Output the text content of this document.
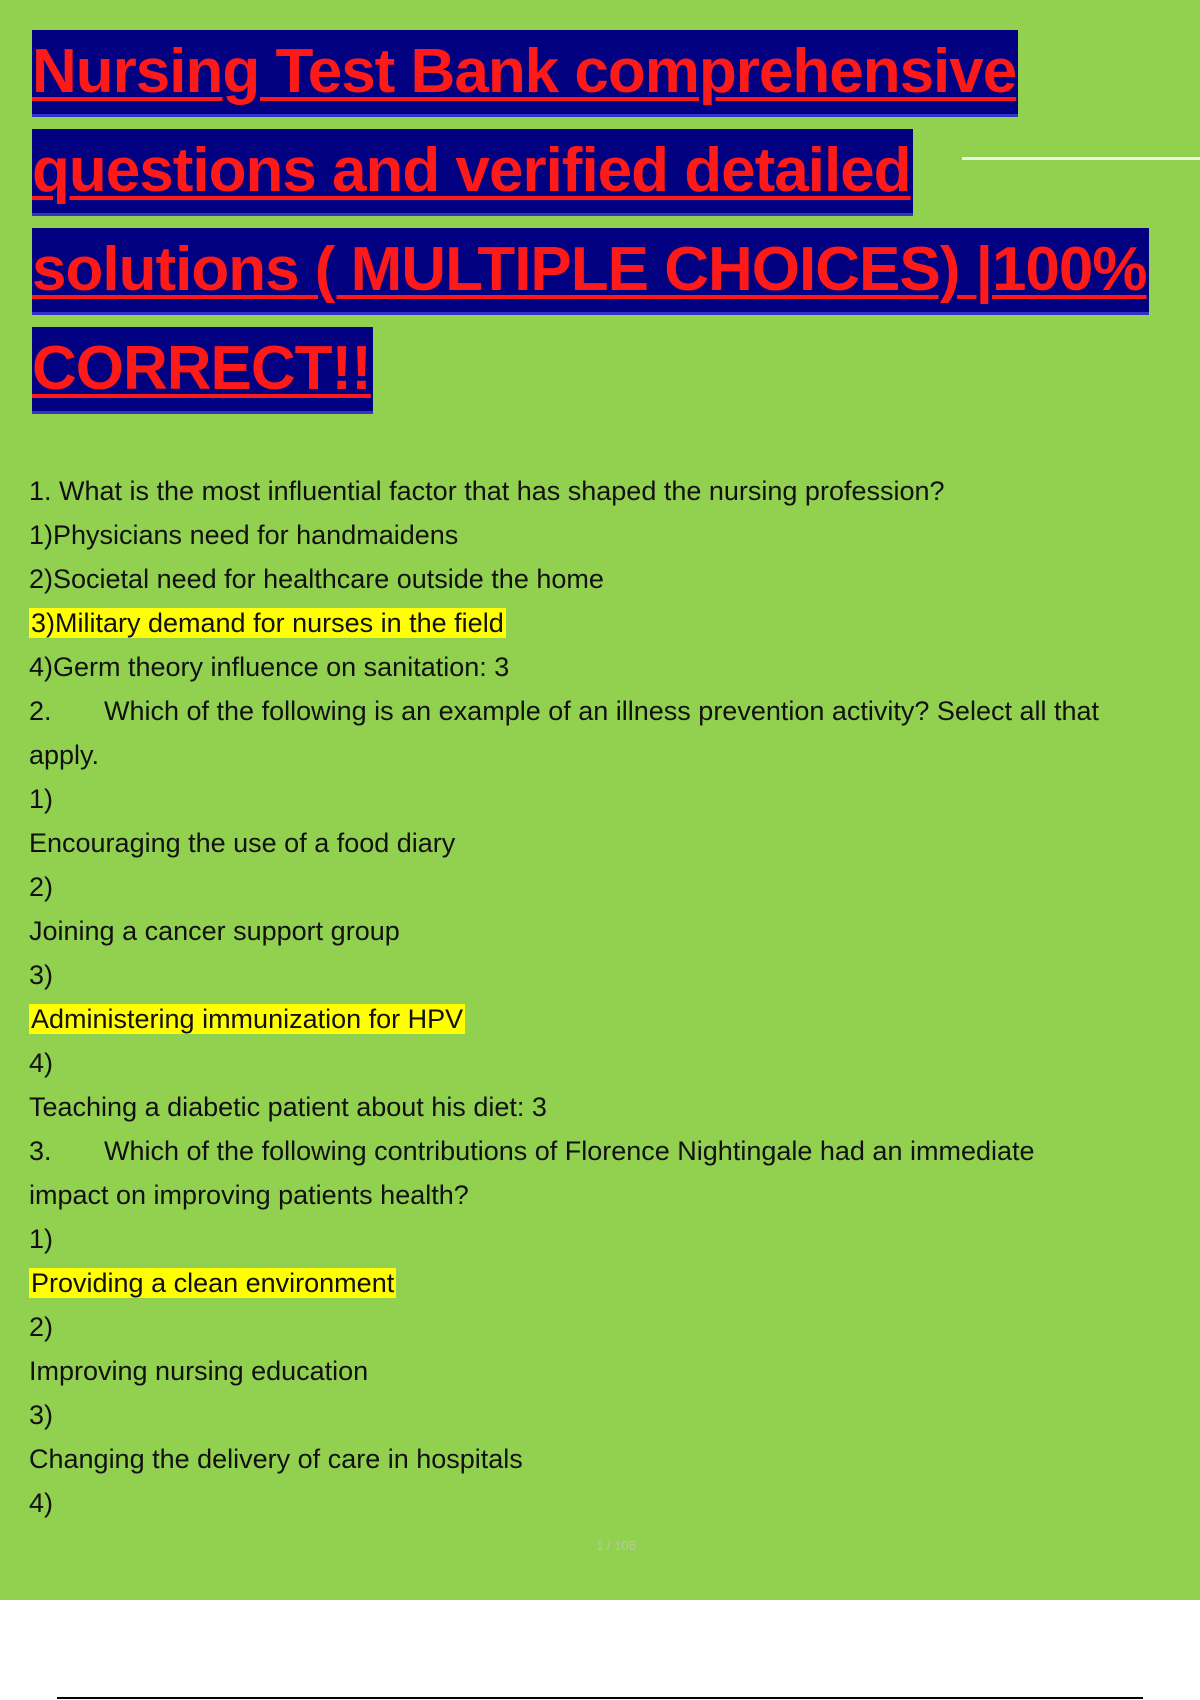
Nursing Test Bank comprehensive
questions and verified detailed
solutions ( MULTIPLE CHOICES) |100%
CORRECT!!
1. What is the most influential factor that has shaped the nursing profession?
1)Physicians need for handmaidens
2)Societal need for healthcare outside the home
3)Military demand for nurses in the field
4)Germ theory influence on sanitation: 3
2. Which of the following is an example of an illness prevention activity? Select all that
apply.
1)
Encouraging the use of a food diary
2)
Joining a cancer support group
3)
Administering immunization for HPV
4)
Teaching a diabetic patient about his diet: 3
3. Which of the following contributions of Florence Nightingale had an immediate
impact on improving patients health?
1)
Providing a clean environment
2)
Improving nursing education
3)
Changing the delivery of care in hospitals
4)
1 / 106
